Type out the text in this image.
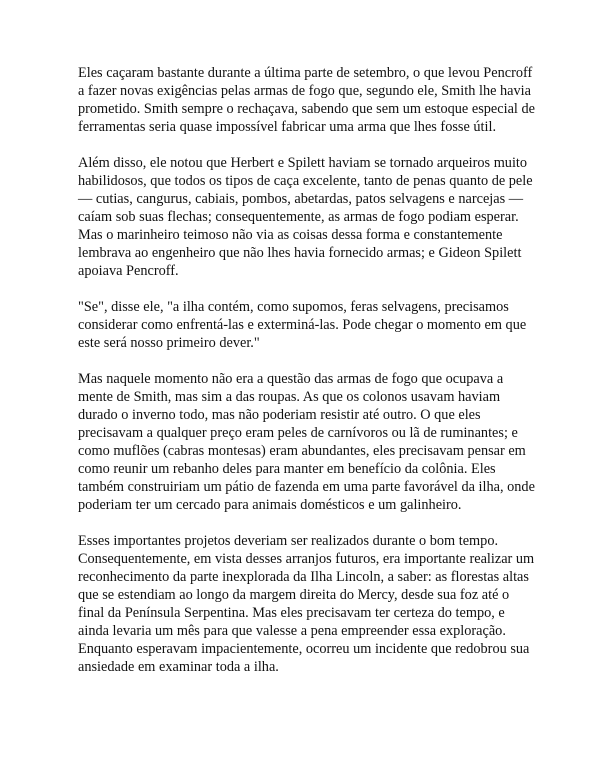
Eles caçaram bastante durante a última parte de setembro, o que levou Pencroff a fazer novas exigências pelas armas de fogo que, segundo ele, Smith lhe havia prometido. Smith sempre o rechaçava, sabendo que sem um estoque especial de ferramentas seria quase impossível fabricar uma arma que lhes fosse útil.

Além disso, ele notou que Herbert e Spilett haviam se tornado arqueiros muito habilidosos, que todos os tipos de caça excelente, tanto de penas quanto de pele — cutias, cangurus, cabiais, pombos, abetardas, patos selvagens e narcejas — caíam sob suas flechas; consequentemente, as armas de fogo podiam esperar. Mas o marinheiro teimoso não via as coisas dessa forma e constantemente lembrava ao engenheiro que não lhes havia fornecido armas; e Gideon Spilett apoiava Pencroff.

"Se", disse ele, "a ilha contém, como supomos, feras selvagens, precisamos considerar como enfrentá-las e exterminá-las. Pode chegar o momento em que este será nosso primeiro dever."

Mas naquele momento não era a questão das armas de fogo que ocupava a mente de Smith, mas sim a das roupas. As que os colonos usavam haviam durado o inverno todo, mas não poderiam resistir até outro. O que eles precisavam a qualquer preço eram peles de carnívoros ou lã de ruminantes; e como muflões (cabras montesas) eram abundantes, eles precisavam pensar em como reunir um rebanho deles para manter em benefício da colônia. Eles também construiriam um pátio de fazenda em uma parte favorável da ilha, onde poderiam ter um cercado para animais domésticos e um galinheiro.

Esses importantes projetos deveriam ser realizados durante o bom tempo. Consequentemente, em vista desses arranjos futuros, era importante realizar um reconhecimento da parte inexplorada da Ilha Lincoln, a saber: as florestas altas que se estendiam ao longo da margem direita do Mercy, desde sua foz até o final da Península Serpentina. Mas eles precisavam ter certeza do tempo, e ainda levaria um mês para que valesse a pena empreender essa exploração. Enquanto esperavam impacientemente, ocorreu um incidente que redobrou sua ansiedade em examinar toda a ilha.
